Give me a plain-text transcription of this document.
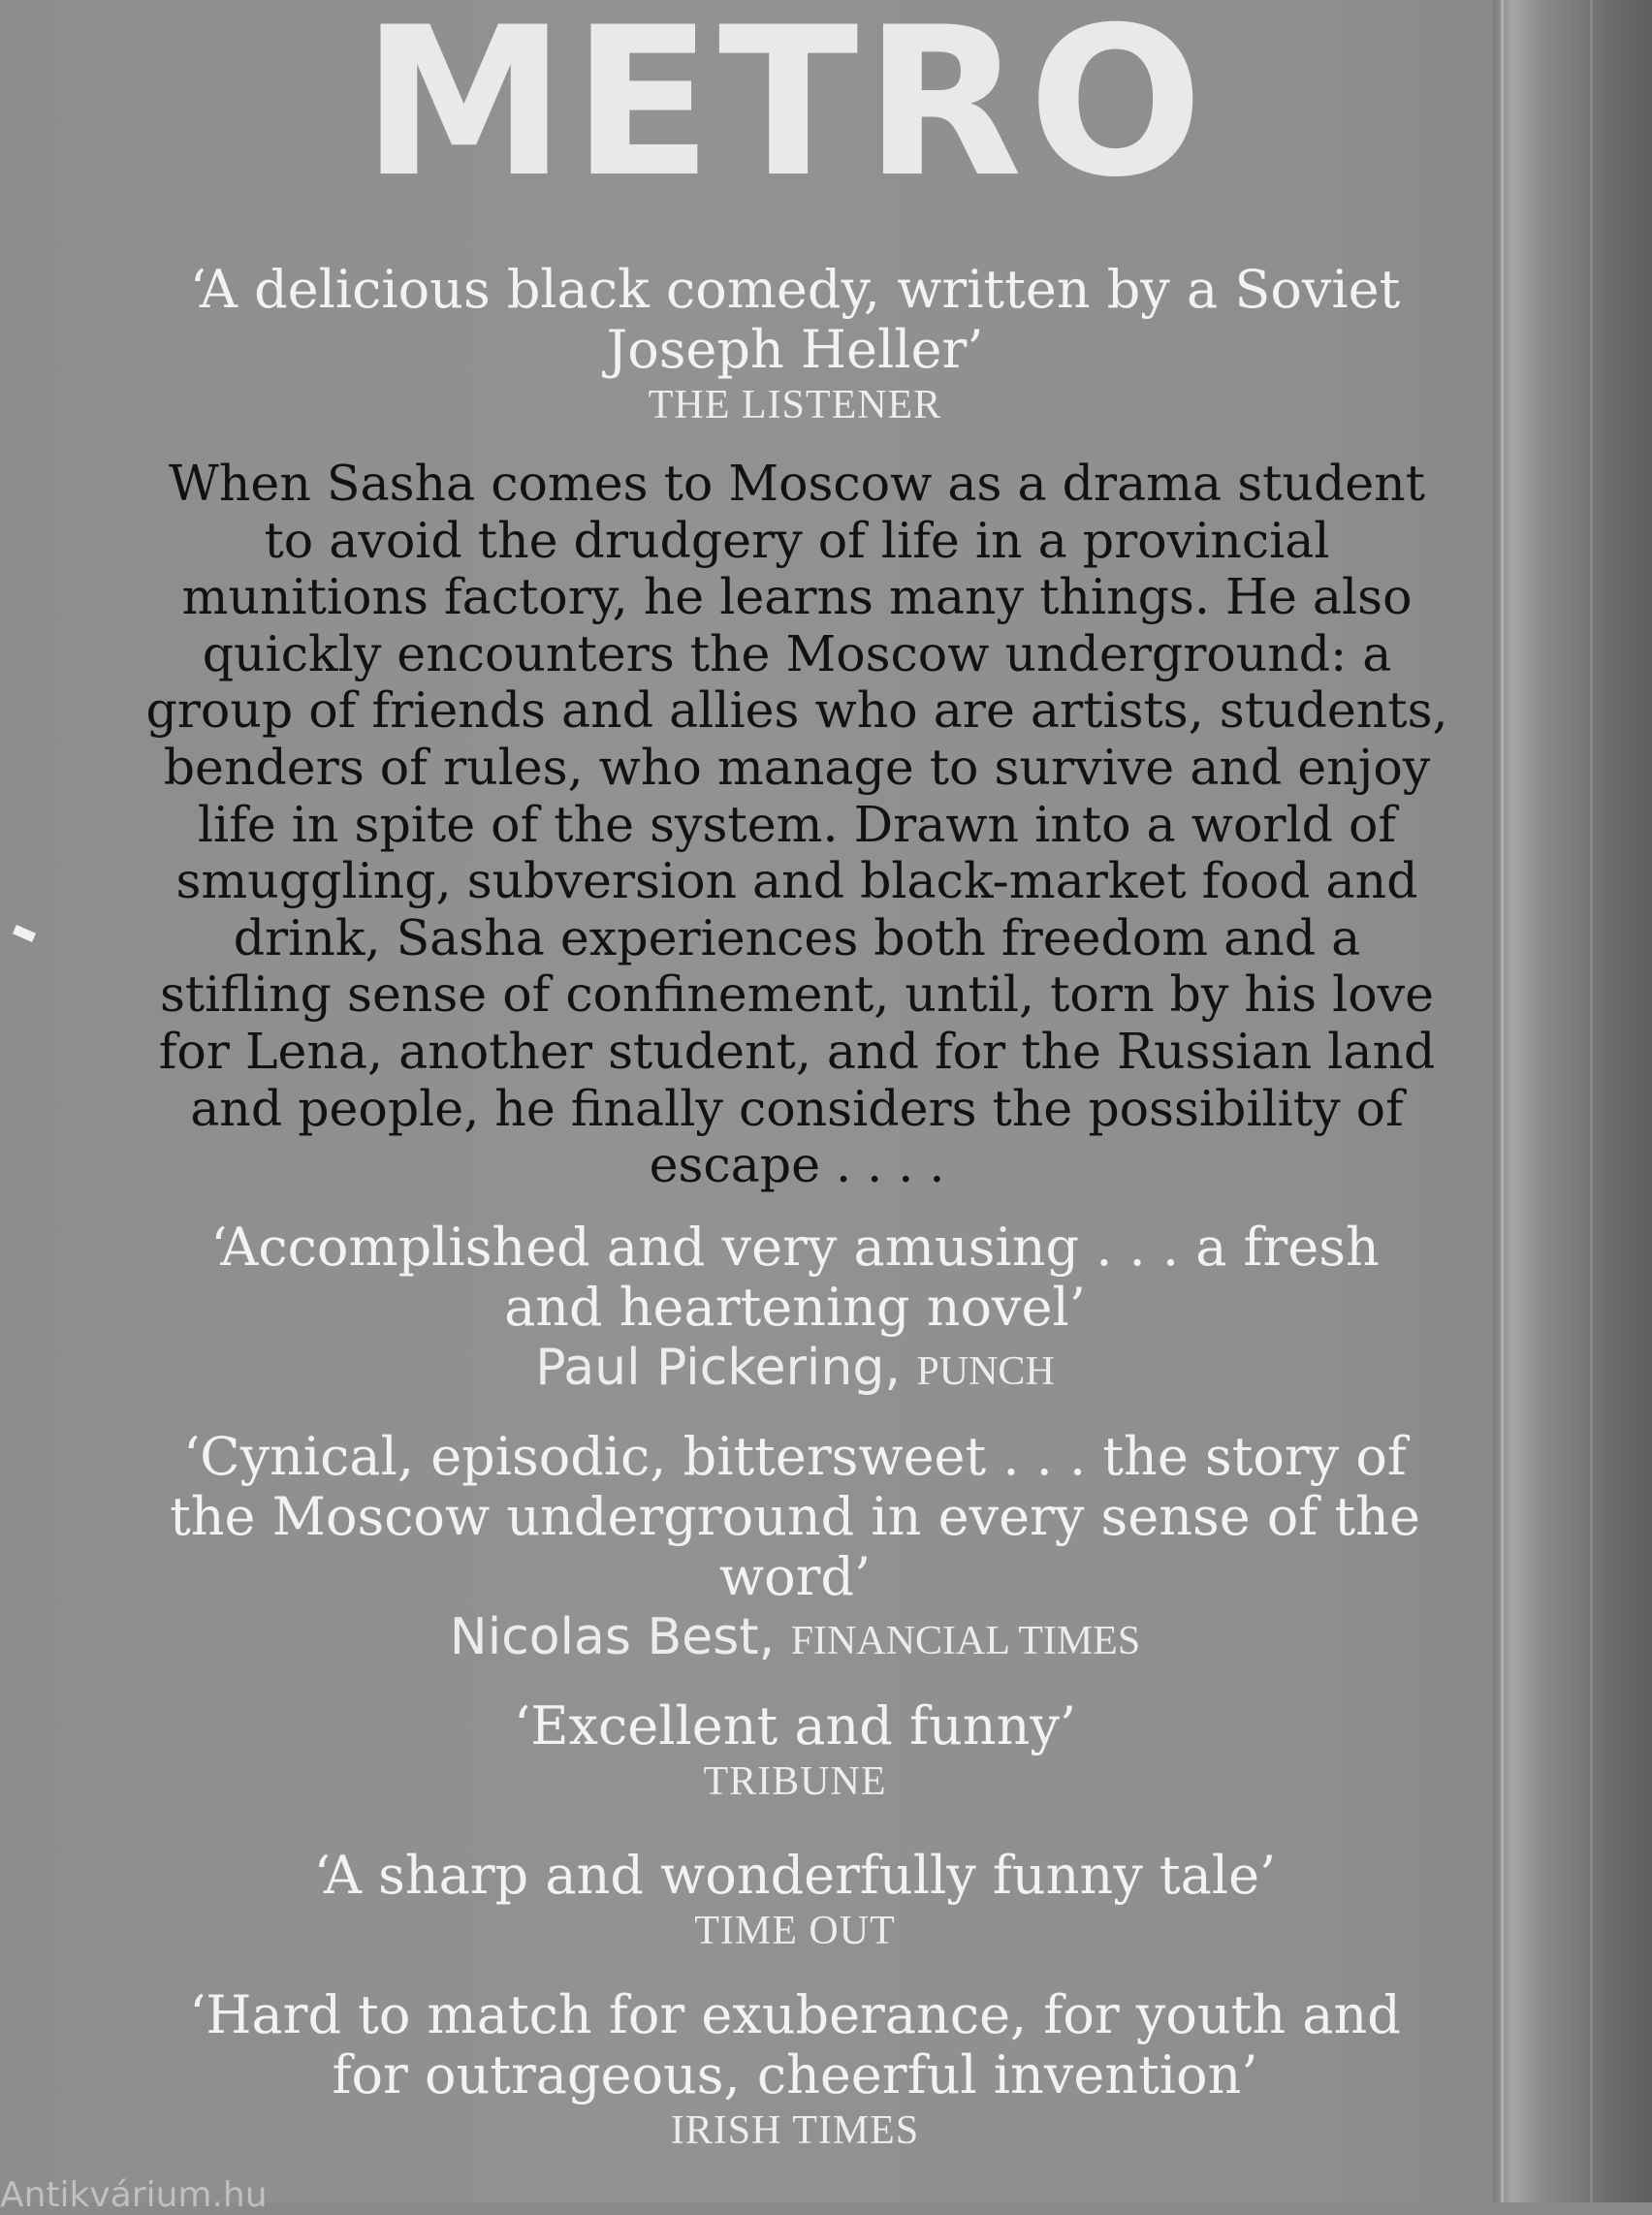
METRO
‘A delicious black comedy, written by a Soviet Joseph Heller’
THE LISTENER
When Sasha comes to Moscow as a drama student to avoid the drudgery of life in a provincial munitions factory, he learns many things. He also quickly encounters the Moscow underground: a group of friends and allies who are artists, students, benders of rules, who manage to survive and enjoy life in spite of the system. Drawn into a world of smuggling, subversion and black-market food and drink, Sasha experiences both freedom and a stifling sense of confinement, until, torn by his love for Lena, another student, and for the Russian land and people, he finally considers the possibility of escape . . . .
‘Accomplished and very amusing . . . a fresh and heartening novel’
Paul Pickering, PUNCH
‘Cynical, episodic, bittersweet . . . the story of the Moscow underground in every sense of the word’
Nicolas Best, FINANCIAL TIMES
‘Excellent and funny’
TRIBUNE
‘A sharp and wonderfully funny tale’
TIME OUT
‘Hard to match for exuberance, for youth and for outrageous, cheerful invention’
IRISH TIMES
Antikvárium.hu
